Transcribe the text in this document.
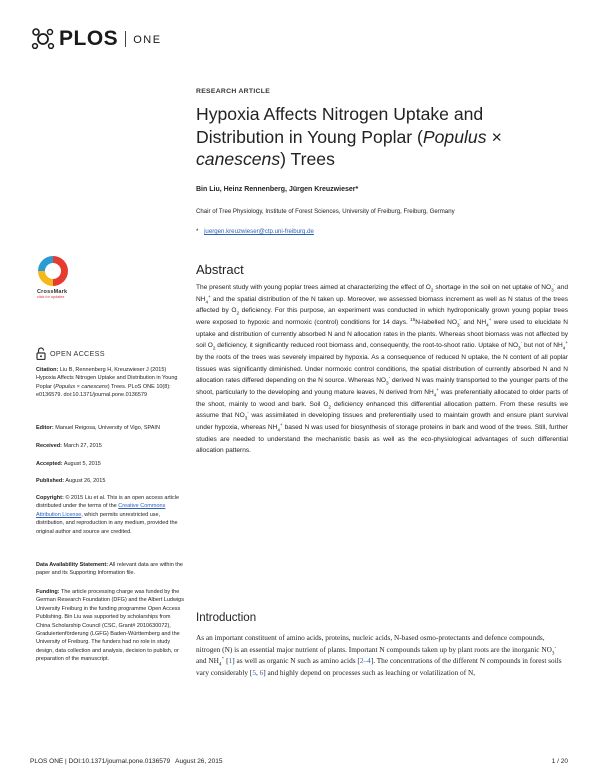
PLOS ONE
CrossMark
click for updates
OPEN ACCESS
Citation: Liu B, Rennenberg H, Kreuzwieser J (2015) Hypoxia Affects Nitrogen Uptake and Distribution in Young Poplar (Populus × canescens) Trees. PLoS ONE 10(8): e0136579. doi:10.1371/journal.pone.0136579
Editor: Manuel Reigosa, University of Vigo, SPAIN
Received: March 27, 2015
Accepted: August 5, 2015
Published: August 26, 2015
Copyright: © 2015 Liu et al. This is an open access article distributed under the terms of the Creative Commons Attribution License, which permits unrestricted use, distribution, and reproduction in any medium, provided the original author and source are credited.
Data Availability Statement: All relevant data are within the paper and its Supporting Information file.
Funding: The article processing charge was funded by the German Research Foundation (DFG) and the Albert Ludwigs University Freiburg in the funding programme Open Access Publishing. Bin Liu was supported by scholarships from China Scholarship Council (CSC, Grant# 2010630072), Graduiertenförderung (LGFG) Baden-Württemberg and the University of Freiburg. The funders had no role in study design, data collection and analysis, decision to publish, or preparation of the manuscript.
RESEARCH ARTICLE
Hypoxia Affects Nitrogen Uptake and
Distribution in Young Poplar (Populus ×
canescens) Trees
Bin Liu, Heinz Rennenberg, Jürgen Kreuzwieser*
Chair of Tree Physiology, Institute of Forest Sciences, University of Freiburg, Freiburg, Germany
* juergen.kreuzwieser@ctp.uni-freiburg.de
Abstract

The present study with young poplar trees aimed at characterizing the effect of $O_2$ shortage in the soil on net uptake of $NO_3^-$ and $NH_4^+$ and the spatial distribution of the N taken up. Moreover, we assessed biomass increment as well as N status of the trees affected by $O_2$ deficiency. For this purpose, an experiment was conducted in which hydroponically grown young poplar trees were exposed to hypoxic and normoxic (control) conditions for 14 days. $^{15}$N-labelled $NO_3^-$ and $NH_4^+$ were used to elucidate N uptake and distribution of currently absorbed N and N allocation rates in the plants. Whereas shoot biomass was not affected by soil $O_2$ deficiency, it significantly reduced root biomass and, consequently, the root-to-shoot ratio. Uptake of $NO_3^-$ but not of $NH_4^+$ by the roots of the trees was severely impaired by hypoxia. As a consequence of reduced N uptake, the N content of all poplar tissues was significantly diminished. Under normoxic control conditions, the spatial distribution of currently absorbed N and N allocation rates differed depending on the N source. Whereas $NO_3^-$ derived N was mainly transported to the younger parts of the shoot, particularly to the developing and young mature leaves, N derived from $NH_4^+$ was preferentially allocated to older parts of the shoot, mainly to wood and bark. Soil $O_2$ deficiency enhanced this differential allocation pattern. From these results we assume that $NO_3^-$ was assimilated in developing tissues and preferentially used to maintain growth and ensure plant survival under hypoxia, whereas $NH_4^+$ based N was used for biosynthesis of storage proteins in bark and wood of the trees. Still, further studies are needed to understand the mechanistic basis as well as the eco-physiological advantages of such differential allocation patterns.

Introduction

As an important constituent of amino acids, proteins, nucleic acids, N-based osmo-protectants and defence compounds, nitrogen (N) is an essential major nutrient of plants. Important N compounds taken up by plant roots are the inorganic $NO_3^-$ and $NH_4^+$ [1] as well as organic N such as amino acids [2–4]. The concentrations of the different N compounds in forest soils vary considerably [5, 6] and highly depend on processes such as leaching or volatilization of N,

PLOS ONE | DOI:10.1371/journal.pone.0136579   August 26, 2015	1 / 20
